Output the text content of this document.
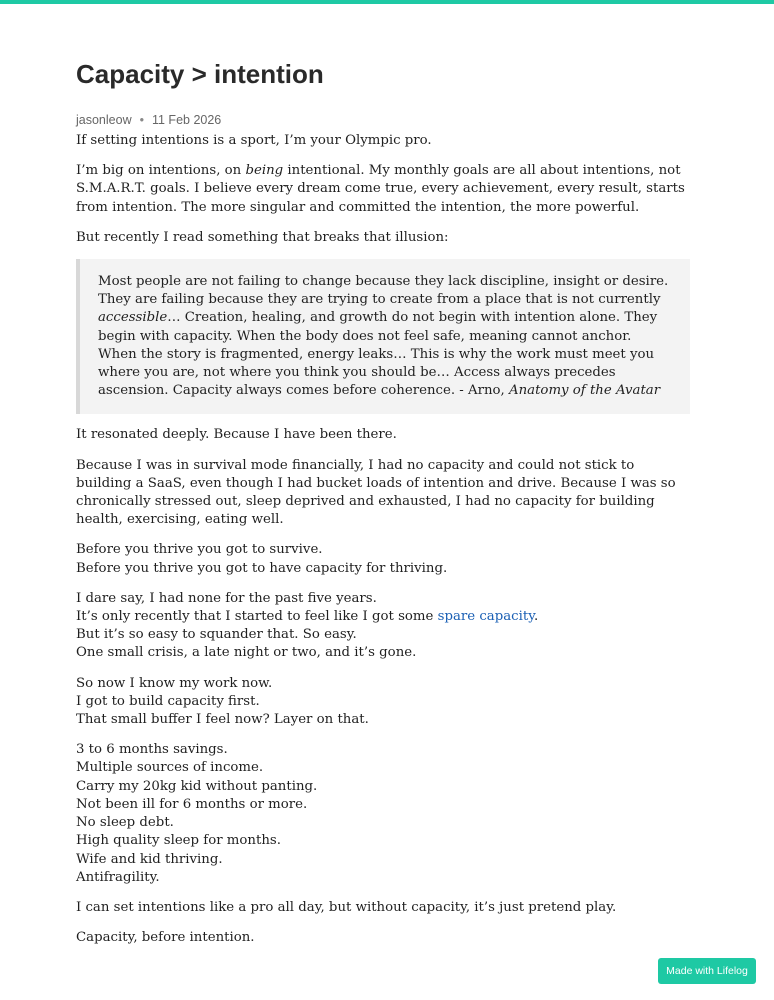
Capacity > intention
jasonleow • 11 Feb 2026

If setting intentions is a sport, I’m your Olympic pro.

I’m big on intentions, on being intentional. My monthly goals are all about intentions, not S.M.A.R.T. goals. I believe every dream come true, every achievement, every result, starts from intention. The more singular and committed the intention, the more powerful.

But recently I read something that breaks that illusion:

Most people are not failing to change because they lack discipline, insight or desire. They are failing because they are trying to create from a place that is not currently accessible… Creation, healing, and growth do not begin with intention alone. They begin with capacity. When the body does not feel safe, meaning cannot anchor. When the story is fragmented, energy leaks… This is why the work must meet you where you are, not where you think you should be… Access always precedes ascension. Capacity always comes before coherence. - Arno, Anatomy of the Avatar

It resonated deeply. Because I have been there.

Because I was in survival mode financially, I had no capacity and could not stick to building a SaaS, even though I had bucket loads of intention and drive. Because I was so chronically stressed out, sleep deprived and exhausted, I had no capacity for building health, exercising, eating well.

Before you thrive you got to survive.
Before you thrive you got to have capacity for thriving.

I dare say, I had none for the past five years.
It’s only recently that I started to feel like I got some spare capacity.
But it’s so easy to squander that. So easy.
One small crisis, a late night or two, and it’s gone.

So now I know my work now.
I got to build capacity first.
That small buffer I feel now? Layer on that.

3 to 6 months savings.
Multiple sources of income.
Carry my 20kg kid without panting.
Not been ill for 6 months or more.
No sleep debt.
High quality sleep for months.
Wife and kid thriving.
Antifragility.

I can set intentions like a pro all day, but without capacity, it’s just pretend play.

Capacity, before intention.

Made with Lifelog
